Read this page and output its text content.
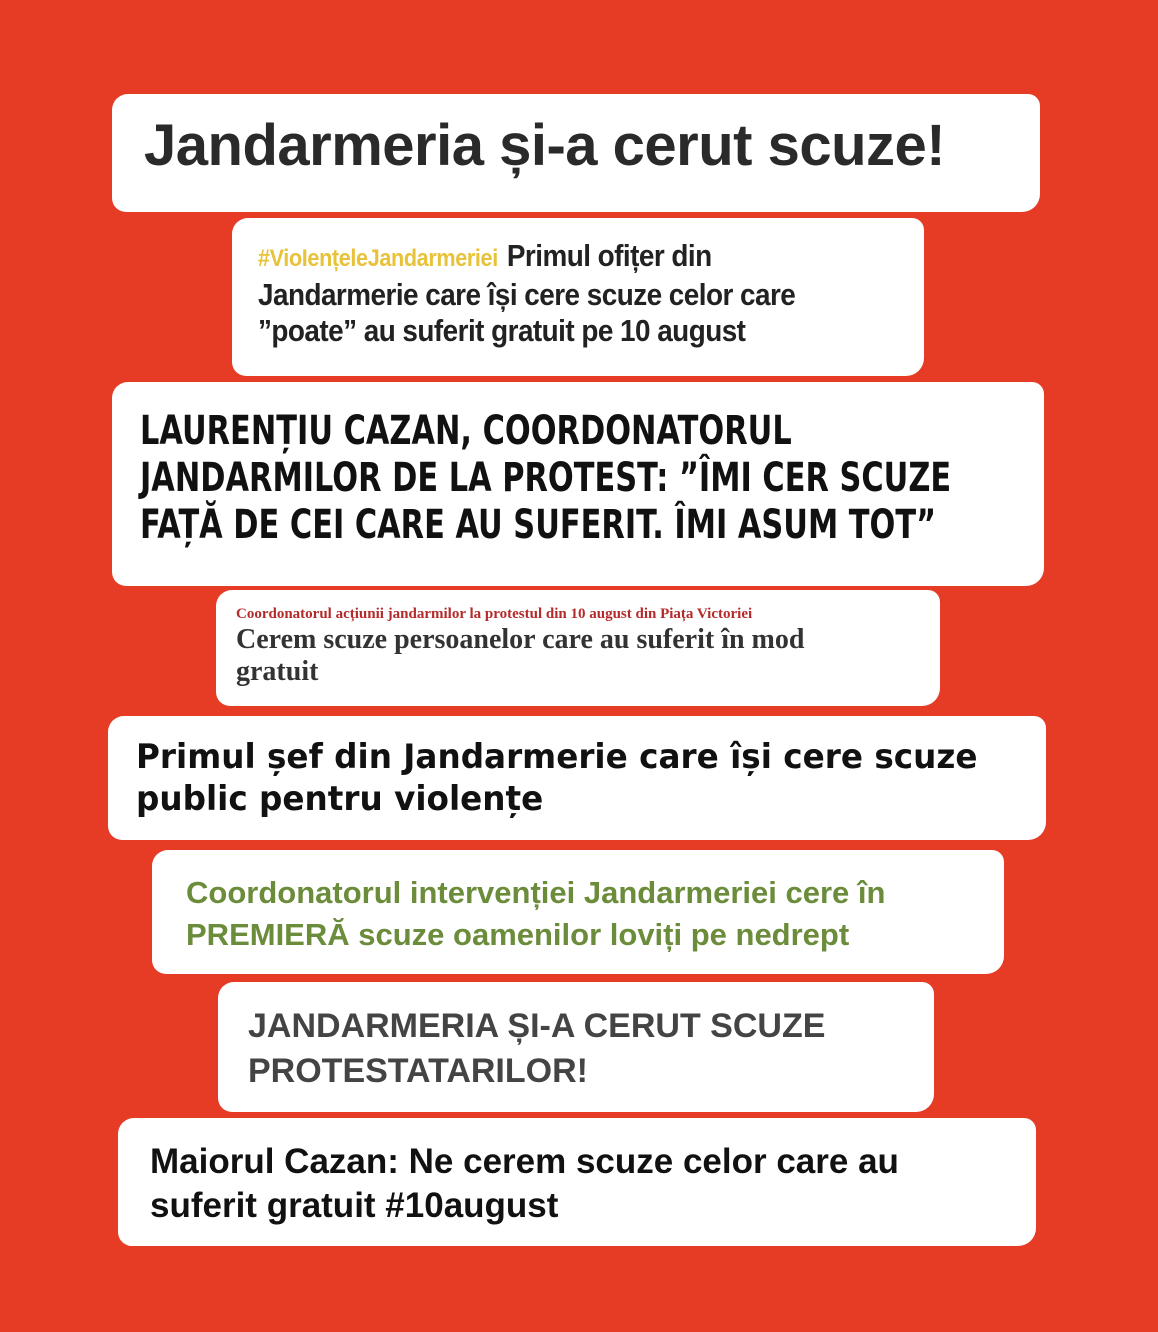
Jandarmeria și-a cerut scuze!

#VioIențeleJandarmeriei Primul ofițer din

Jandarmerie care își cere scuze celor care

”poate” au suferit gratuit pe 10 august

LAURENȚIU CAZAN, COORDONATORUL

JANDARMILOR DE LA PROTEST: ”ÎMI CER SCUZE

FAȚĂ DE CEI CARE AU SUFERIT. ÎMI ASUM TOT”

Coordonatorul acțiunii jandarmilor la protestul din 10 august din Piața Victoriei

Cerem scuze persoanelor care au suferit în mod

gratuit

Primul șef din Jandarmerie care își cere scuze

public pentru violențe

Coordonatorul intervenției Jandarmeriei cere în

PREMIERĂ scuze oamenilor loviți pe nedrept

JANDARMERIA ȘI-A CERUT SCUZE

PROTESTATARILOR!

Maiorul Cazan: Ne cerem scuze celor care au

suferit gratuit #10august
